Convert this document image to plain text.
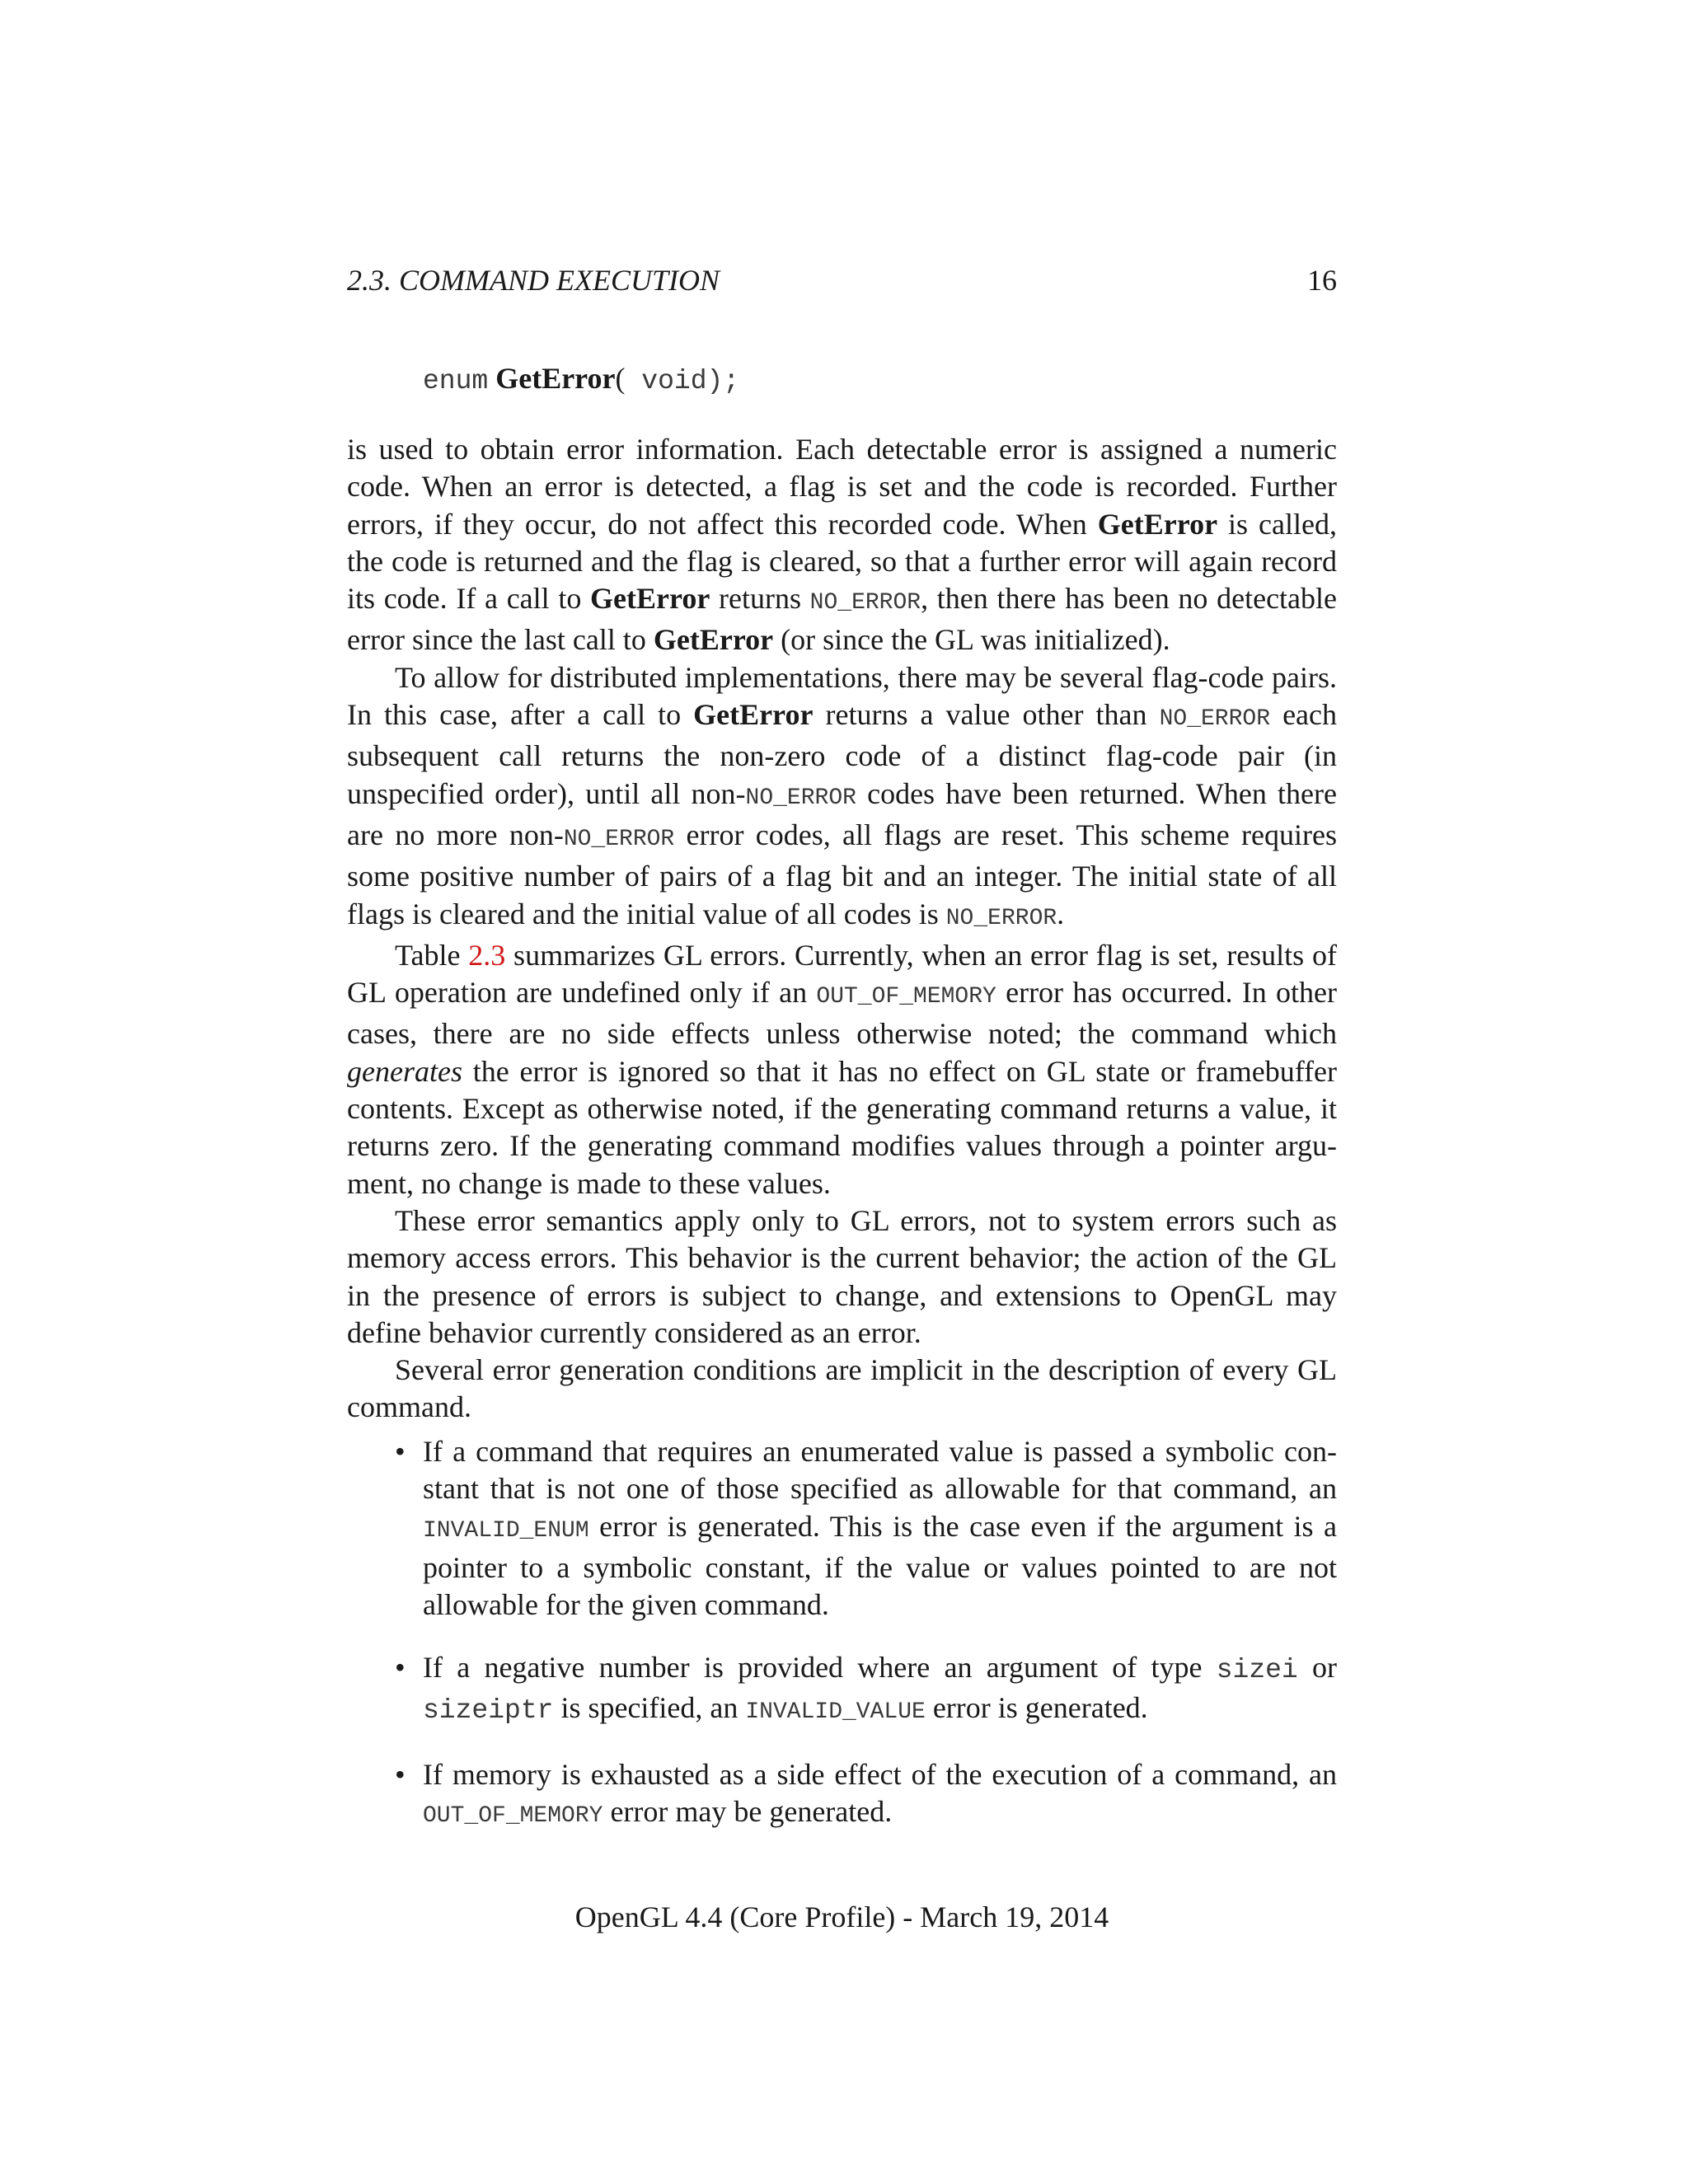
2.3. COMMAND EXECUTION	16
enum GetError( void);

is used to obtain error information. Each detectable error is assigned a numeric code. When an error is detected, a flag is set and the code is recorded. Further errors, if they occur, do not affect this recorded code. When GetError is called, the code is returned and the flag is cleared, so that a further error will again record its code. If a call to GetError returns NO_ERROR, then there has been no detectable error since the last call to GetError (or since the GL was initialized).

To allow for distributed implementations, there may be several flag-code pairs. In this case, after a call to GetError returns a value other than NO_ERROR each subsequent call returns the non-zero code of a distinct flag-code pair (in unspecified order), until all non-NO_ERROR codes have been returned. When there are no more non-NO_ERROR error codes, all flags are reset. This scheme requires some positive number of pairs of a flag bit and an integer. The initial state of all flags is cleared and the initial value of all codes is NO_ERROR.

Table 2.3 summarizes GL errors. Currently, when an error flag is set, results of GL operation are undefined only if an OUT_OF_MEMORY error has occurred. In other cases, there are no side effects unless otherwise noted; the command which generates the error is ignored so that it has no effect on GL state or framebuffer contents. Except as otherwise noted, if the generating command returns a value, it returns zero. If the generating command modifies values through a pointer argument, no change is made to these values.

These error semantics apply only to GL errors, not to system errors such as memory access errors. This behavior is the current behavior; the action of the GL in the presence of errors is subject to change, and extensions to OpenGL may define behavior currently considered as an error.

Several error generation conditions are implicit in the description of every GL command.

• If a command that requires an enumerated value is passed a symbolic constant that is not one of those specified as allowable for that command, an INVALID_ENUM error is generated. This is the case even if the argument is a pointer to a symbolic constant, if the value or values pointed to are not allowable for the given command.
• If a negative number is provided where an argument of type sizei or sizeiptr is specified, an INVALID_VALUE error is generated.
• If memory is exhausted as a side effect of the execution of a command, an OUT_OF_MEMORY error may be generated.
OpenGL 4.4 (Core Profile) - March 19, 2014
